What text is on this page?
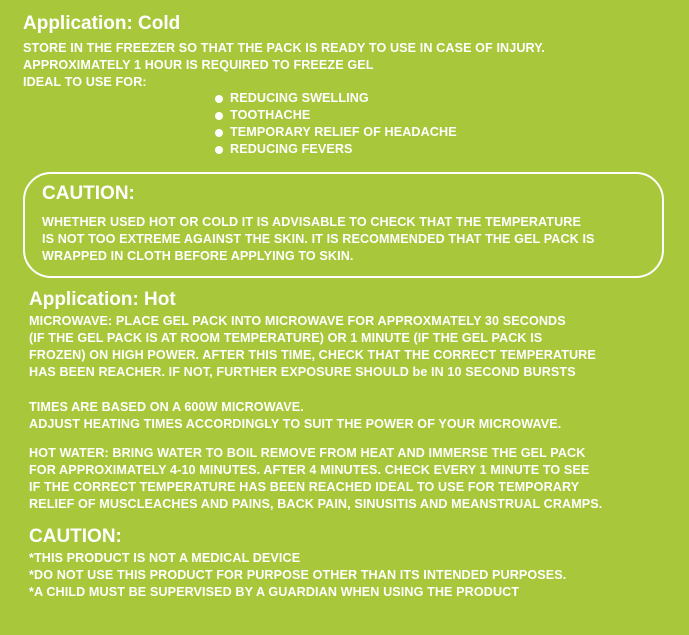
Application: Cold
STORE IN THE FREEZER SO THAT THE PACK IS READY TO USE IN CASE OF INJURY.
APPROXIMATELY 1 HOUR IS REQUIRED TO FREEZE GEL
IDEAL TO USE FOR:
REDUCING SWELLING
TOOTHACHE
TEMPORARY RELIEF OF HEADACHE
REDUCING FEVERS
CAUTION:
WHETHER USED HOT OR COLD IT IS ADVISABLE TO CHECK THAT THE TEMPERATURE
IS NOT TOO EXTREME AGAINST THE SKIN. IT IS RECOMMENDED THAT THE GEL PACK IS
WRAPPED IN CLOTH BEFORE APPLYING TO SKIN.
Application: Hot
MICROWAVE: PLACE GEL PACK INTO MICROWAVE FOR APPROXMATELY 30 SECONDS
(IF THE GEL PACK IS AT ROOM TEMPERATURE) OR 1 MINUTE (IF THE GEL PACK IS
FROZEN) ON HIGH POWER. AFTER THIS TIME, CHECK THAT THE CORRECT TEMPERATURE
HAS BEEN REACHER. IF NOT, FURTHER EXPOSURE SHOULD be IN 10 SECOND BURSTS
TIMES ARE BASED ON A 600W MICROWAVE.
ADJUST HEATING TIMES ACCORDINGLY TO SUIT THE POWER OF YOUR MICROWAVE.
HOT WATER: BRING WATER TO BOIL REMOVE FROM HEAT AND IMMERSE THE GEL PACK
FOR APPROXIMATELY 4-10 MINUTES. AFTER 4 MINUTES. CHECK EVERY 1 MINUTE TO SEE
IF THE CORRECT TEMPERATURE HAS BEEN REACHED IDEAL TO USE FOR TEMPORARY
RELIEF OF MUSCLEACHES AND PAINS, BACK PAIN, SINUSITIS AND MEANSTRUAL CRAMPS.
CAUTION:
*THIS PRODUCT IS NOT A MEDICAL DEVICE
*DO NOT USE THIS PRODUCT FOR PURPOSE OTHER THAN ITS INTENDED PURPOSES.
*A CHILD MUST BE SUPERVISED BY A GUARDIAN WHEN USING THE PRODUCT
